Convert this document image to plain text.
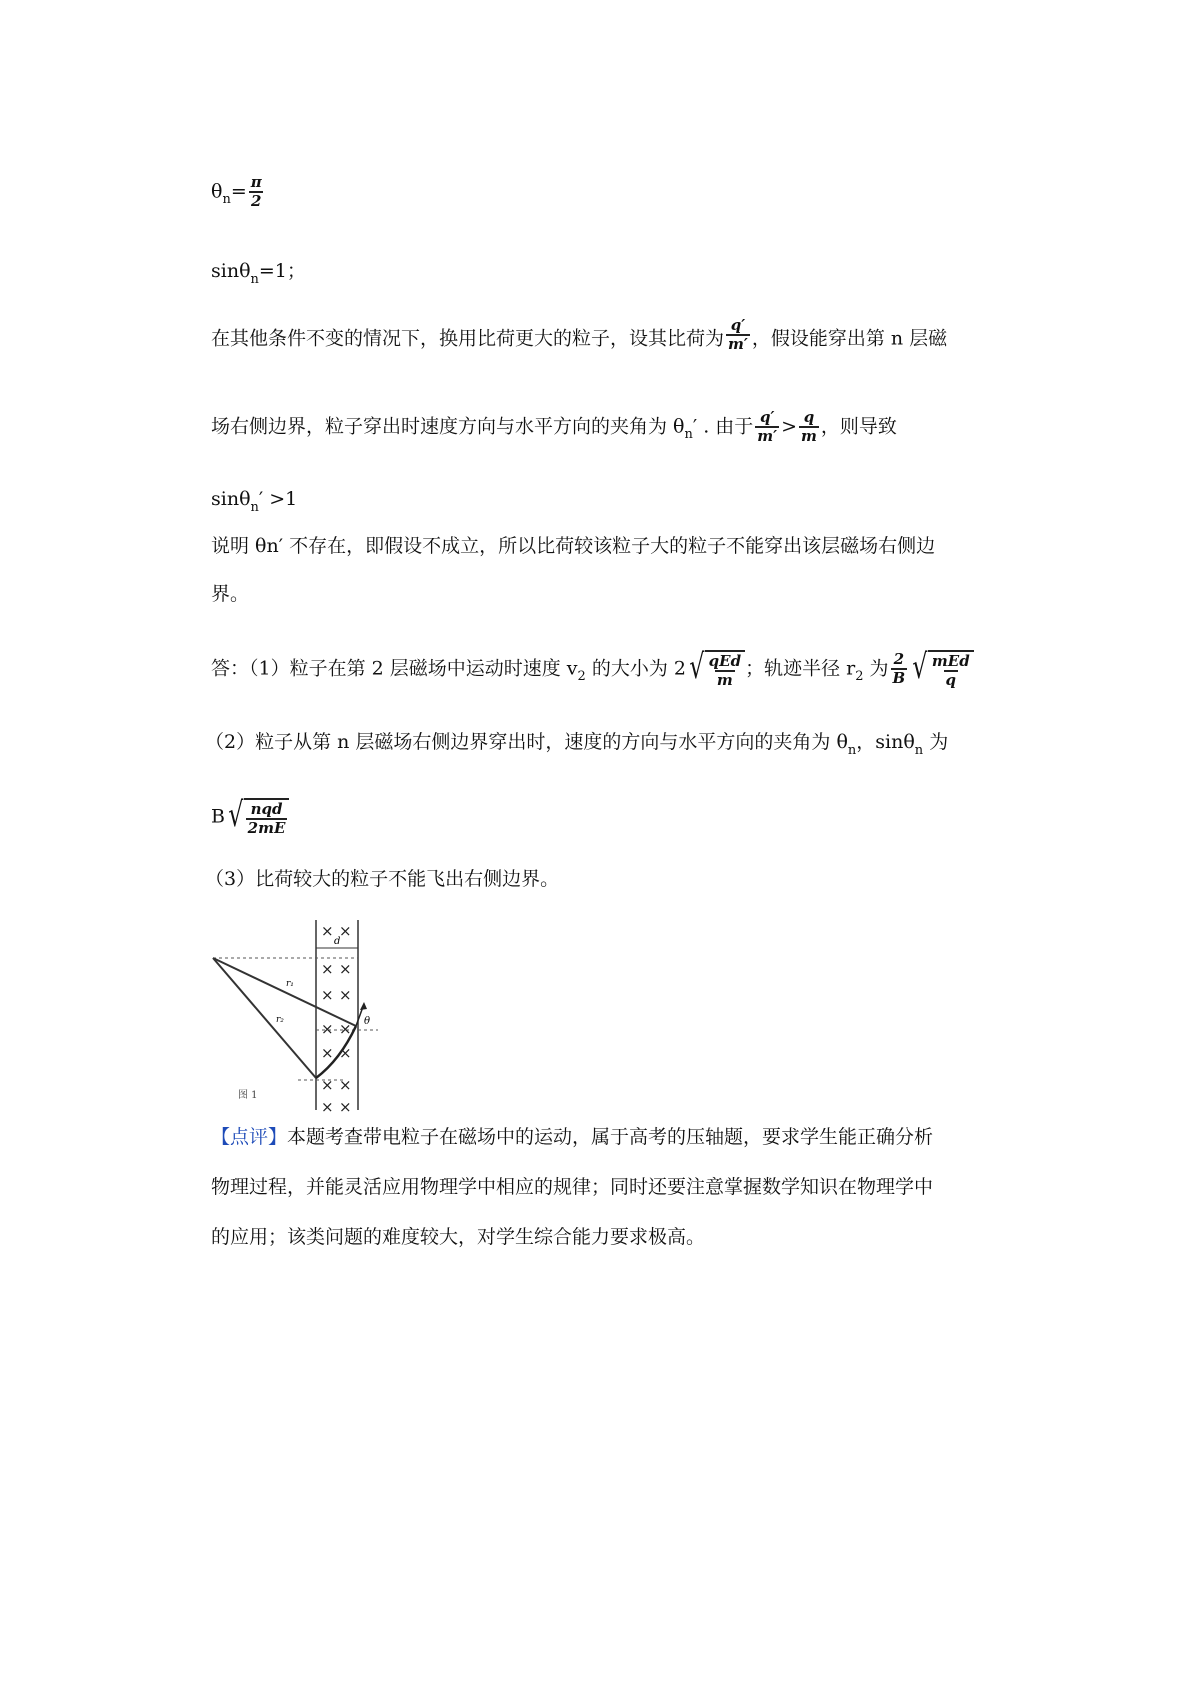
$\theta_n= \frac{\pi}{2}$
sinθ$_n$=1；
在其他条件不变的情况下，换用比荷更大的粒子，设其比荷为 $\frac{q'}{m'}$ ，假设能穿出第 n 层磁
场右侧边界，粒子穿出时速度方向与水平方向的夹角为 $\theta_n'$ . 由于 $\frac{q'}{m'} > \frac{q}{m}$ ，则导致
sinθ$_n$′ >1
说明 θn′ 不存在，即假设不成立，所以比荷较该粒子大的粒子不能穿出该层磁场右侧边
界。
答：（1）粒子在第 2 层磁场中运动时速度 $v_2$ 的大小为 2 √ $\frac{\text{qEd}}{m}$ ；轨迹半径 $r_2$ 为 $\frac{2}{B}$ √ $\frac{\text{mEd}}{q}$
（2）粒子从第 n 层磁场右侧边界穿出时，速度的方向与水平方向的夹角为 $\theta_n$，sinθ$_n$ 为
B √ $\frac{\text{nqd}}{2mE}$
（3）比荷较大的粒子不能飞出右侧边界。
d
r₁
r₂	θ
× ×
× ×
× ×
× ×
× ×
× ×
× ×
图 1
【点评】本题考查带电粒子在磁场中的运动，属于高考的压轴题，要求学生能正确分析
物理过程，并能灵活应用物理学中相应的规律；同时还要注意掌握数学知识在物理学中
的应用；该类问题的难度较大，对学生综合能力要求极高。
